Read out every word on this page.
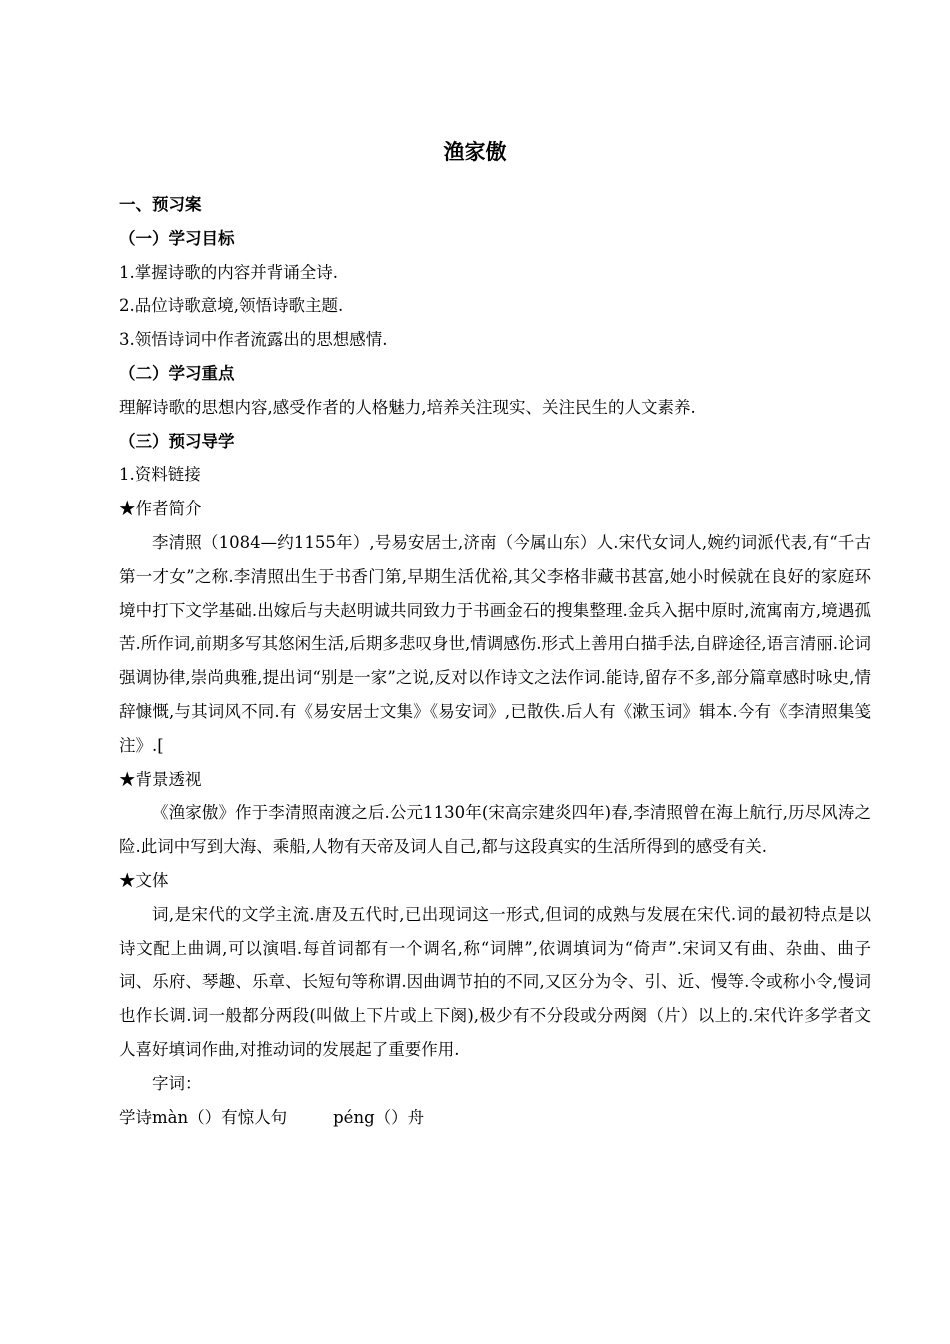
渔家傲

一、预习案

（一）学习目标

1.掌握诗歌的内容并背诵全诗.

2.品位诗歌意境,领悟诗歌主题.

3.领悟诗词中作者流露出的思想感情.

（二）学习重点

理解诗歌的思想内容,感受作者的人格魅力,培养关注现实、关注民生的人文素养.

（三）预习导学

1.资料链接

★作者简介

李清照（1084—约1155年）,号易安居士,济南（今属山东）人.宋代女词人,婉约词派代表,有“千古第一才女”之称.李清照出生于书香门第,早期生活优裕,其父李格非藏书甚富,她小时候就在良好的家庭环境中打下文学基础.出嫁后与夫赵明诚共同致力于书画金石的搜集整理.金兵入据中原时,流寓南方,境遇孤苦.所作词,前期多写其悠闲生活,后期多悲叹身世,情调感伤.形式上善用白描手法,自辟途径,语言清丽.论词强调协律,崇尚典雅,提出词“别是一家”之说,反对以作诗文之法作词.能诗,留存不多,部分篇章感时咏史,情辞慷慨,与其词风不同.有《易安居士文集》《易安词》,已散佚.后人有《漱玉词》辑本.今有《李清照集笺注》.[

★背景透视

《渔家傲》作于李清照南渡之后.公元1130年(宋高宗建炎四年)春,李清照曾在海上航行,历尽风涛之险.此词中写到大海、乘船,人物有天帝及词人自己,都与这段真实的生活所得到的感受有关.

★文体

词,是宋代的文学主流.唐及五代时,已出现词这一形式,但词的成熟与发展在宋代.词的最初特点是以诗文配上曲调,可以演唱.每首词都有一个调名,称“词牌”,依调填词为“倚声”.宋词又有曲、杂曲、曲子词、乐府、琴趣、乐章、长短句等称谓.因曲调节拍的不同,又区分为令、引、近、慢等.令或称小令,慢词也作长调.词一般都分两段(叫做上下片或上下阕),极少有不分段或分两阕（片）以上的.宋代许多学者文人喜好填词作曲,对推动词的发展起了重要作用.

字词：

学诗màn（）有惊人句	péng（）舟
